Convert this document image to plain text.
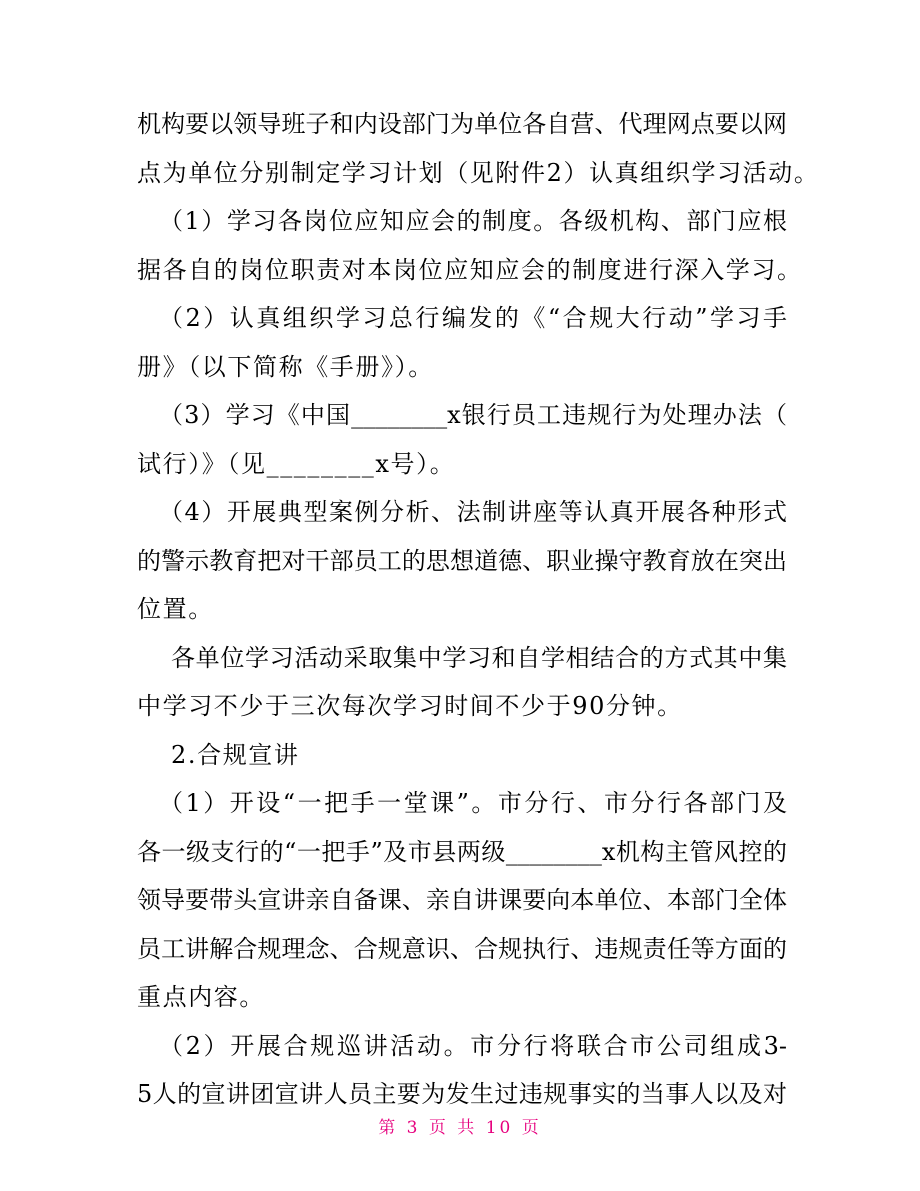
机构要以领导班子和内设部门为单位各自营、代理网点要以网
点为单位分别制定学习计划（见附件2）认真组织学习活动。
（1）学习各岗位应知应会的制度。各级机构、部门应根
据各自的岗位职责对本岗位应知应会的制度进行深入学习。
（2）认真组织学习总行编发的《“合规大行动”学习手
册》（以下简称《手册》）。
（3）学习《中国________x银行员工违规行为处理办法（
试行）》（见________x号）。
（4）开展典型案例分析、法制讲座等认真开展各种形式
的警示教育把对干部员工的思想道德、职业操守教育放在突出
位置。
各单位学习活动采取集中学习和自学相结合的方式其中集
中学习不少于三次每次学习时间不少于90分钟。
2.合规宣讲
（1）开设“一把手一堂课”。市分行、市分行各部门及
各一级支行的“一把手”及市县两级________x机构主管风控的
领导要带头宣讲亲自备课、亲自讲课要向本单位、本部门全体
员工讲解合规理念、合规意识、合规执行、违规责任等方面的
重点内容。
（2）开展合规巡讲活动。市分行将联合市公司组成3-
5人的宣讲团宣讲人员主要为发生过违规事实的当事人以及对
第 3 页 共 10 页
